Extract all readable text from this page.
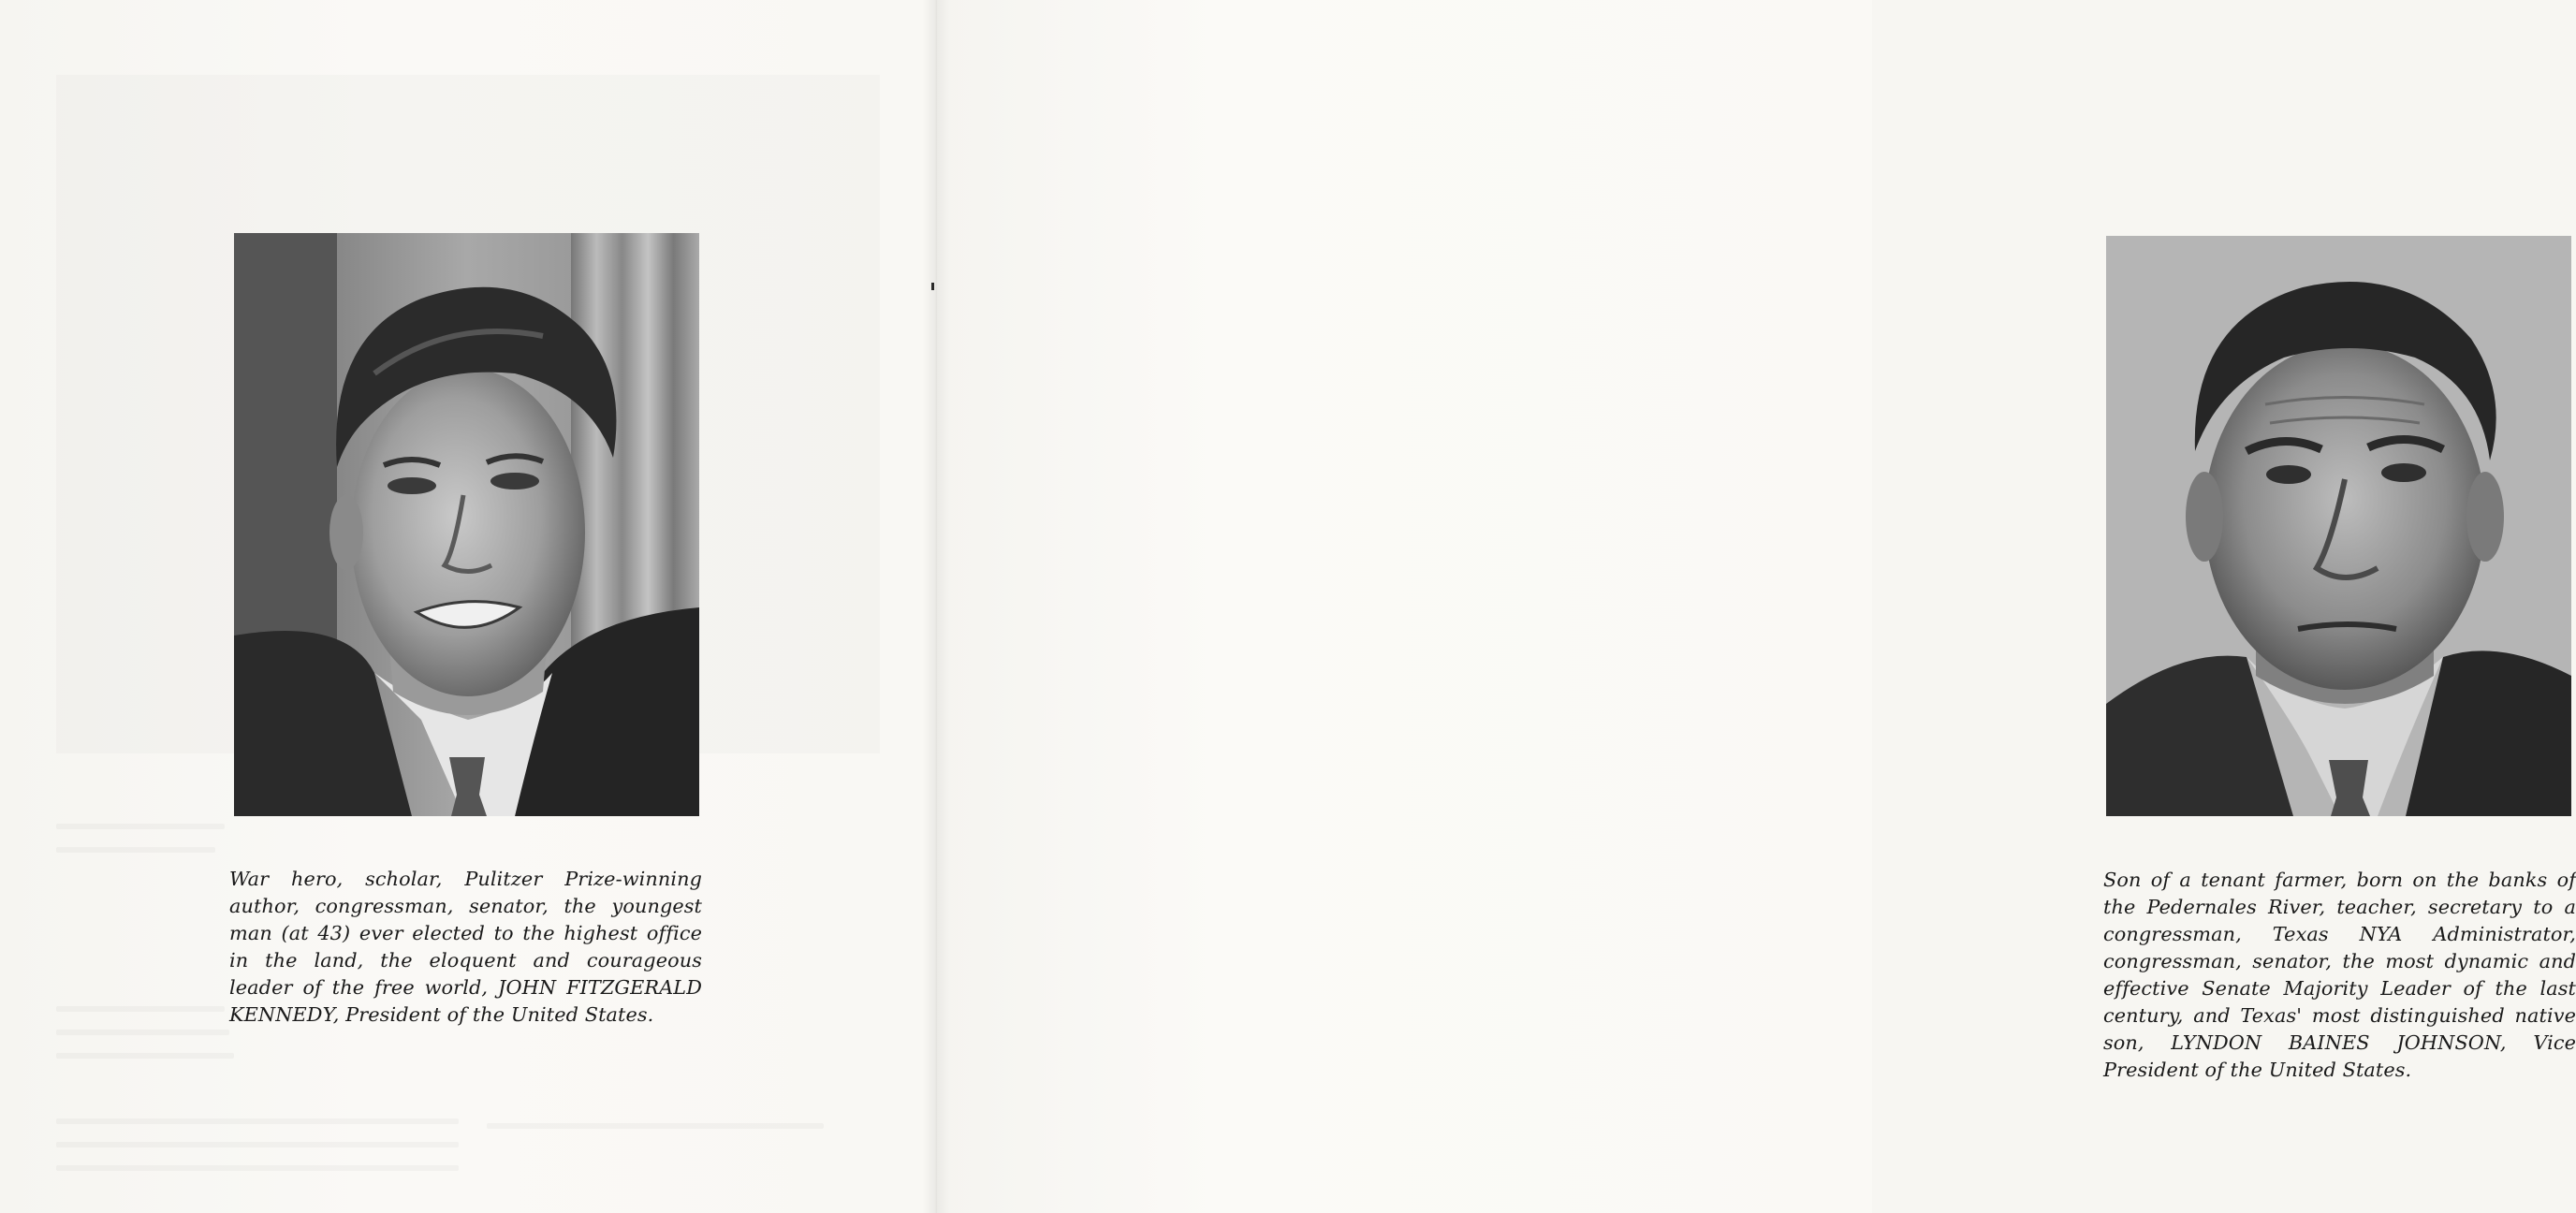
War hero, scholar, Pulitzer Prize-winning author, congressman, senator, the youngest man (at 43) ever elected to the highest office in the land, the eloquent and courageous leader of the free world, JOHN FITZGERALD KENNEDY, President of the United States.

Son of a tenant farmer, born on the banks of the Pedernales River, teacher, secretary to a congressman, Texas NYA Administrator, congressman, senator, the most dynamic and effective Senate Majority Leader of the last century, and Texas' most distinguished native son, LYNDON BAINES JOHNSON, Vice President of the United States.
